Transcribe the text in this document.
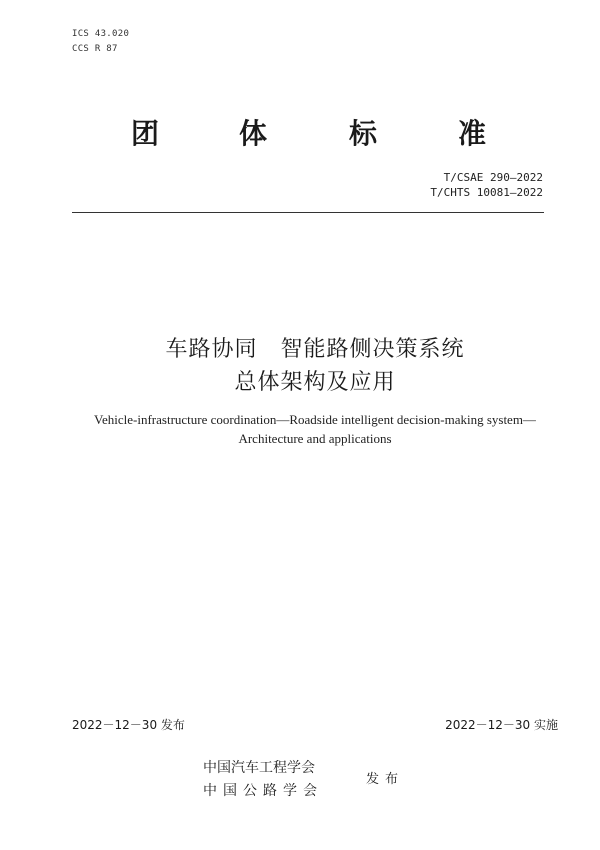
ICS 43.020
CCS R 87
团	体	标	准
T/CSAE 290—2022
T/CHTS 10081—2022
车路协同　智能路侧决策系统
总体架构及应用
Vehicle-infrastructure coordination—Roadside intelligent decision-making system—
Architecture and applications
2022－12－30 发布	2022－12－30 实施
中国汽车工程学会
中国公路学会
发布
